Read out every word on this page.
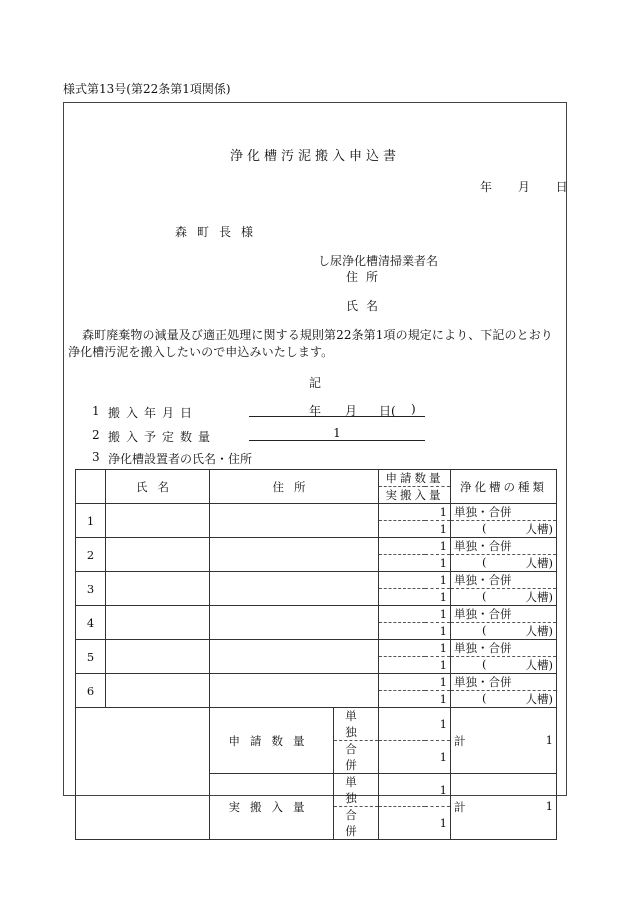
様式第13号(第22条第1項関係)
浄化槽汚泥搬入申込書
年 月 日
森町長様
し尿浄化槽清掃業者名
住所
氏名
森町廃棄物の減量及び適正処理に関する規則第22条第1項の規定により、下記のとおり浄化槽汚泥を搬入したいので申込みいたします。
記
1 搬入年月日	年 月 日( )
2 搬入予定数量	1
3 浄化槽設置者の氏名・住所
	氏名	住所		申請数量	浄化槽の種類
				実搬入量	
1				1	単独・合併
				1	( 人槽)
2				1	単独・合併
				1	( 人槽)
3				1	単独・合併
				1	( 人槽)
4				1	単独・合併
				1	( 人槽)
5				1	単独・合併
				1	( 人槽)
6				1	単独・合併
				1	( 人槽)
		申請数量	単独	1	計 1

			合併	1	
		実搬入量	単独	1	計 1

			合併	1	
